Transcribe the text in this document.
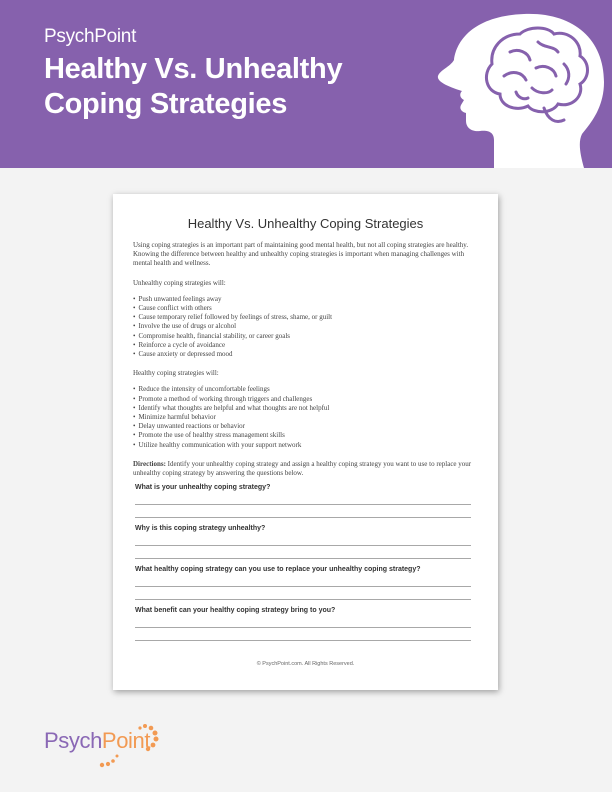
PsychPoint
Healthy Vs. Unhealthy
Coping Strategies
Healthy Vs. Unhealthy Coping Strategies

Using coping strategies is an important part of maintaining good mental health, but not all coping strategies are healthy. Knowing the difference between healthy and unhealthy coping strategies is important when managing challenges with mental health and wellness.

Unhealthy coping strategies will:

• Push unwanted feelings away
• Cause conflict with others
• Cause temporary relief followed by feelings of stress, shame, or guilt
• Involve the use of drugs or alcohol
• Compromise health, financial stability, or career goals
• Reinforce a cycle of avoidance
• Cause anxiety or depressed mood

Healthy coping strategies will:

• Reduce the intensity of uncomfortable feelings
• Promote a method of working through triggers and challenges
• Identify what thoughts are helpful and what thoughts are not helpful
• Minimize harmful behavior
• Delay unwanted reactions or behavior
• Promote the use of healthy stress management skills
• Utilize healthy communication with your support network

Directions: Identify your unhealthy coping strategy and assign a healthy coping strategy you want to use to replace your unhealthy coping strategy by answering the questions below.

What is your unhealthy coping strategy?
Why is this coping strategy unhealthy?
What healthy coping strategy can you use to replace your unhealthy coping strategy?
What benefit can your healthy coping strategy bring to you?
© PsychPoint.com. All Rights Reserved.
PsychPoint
